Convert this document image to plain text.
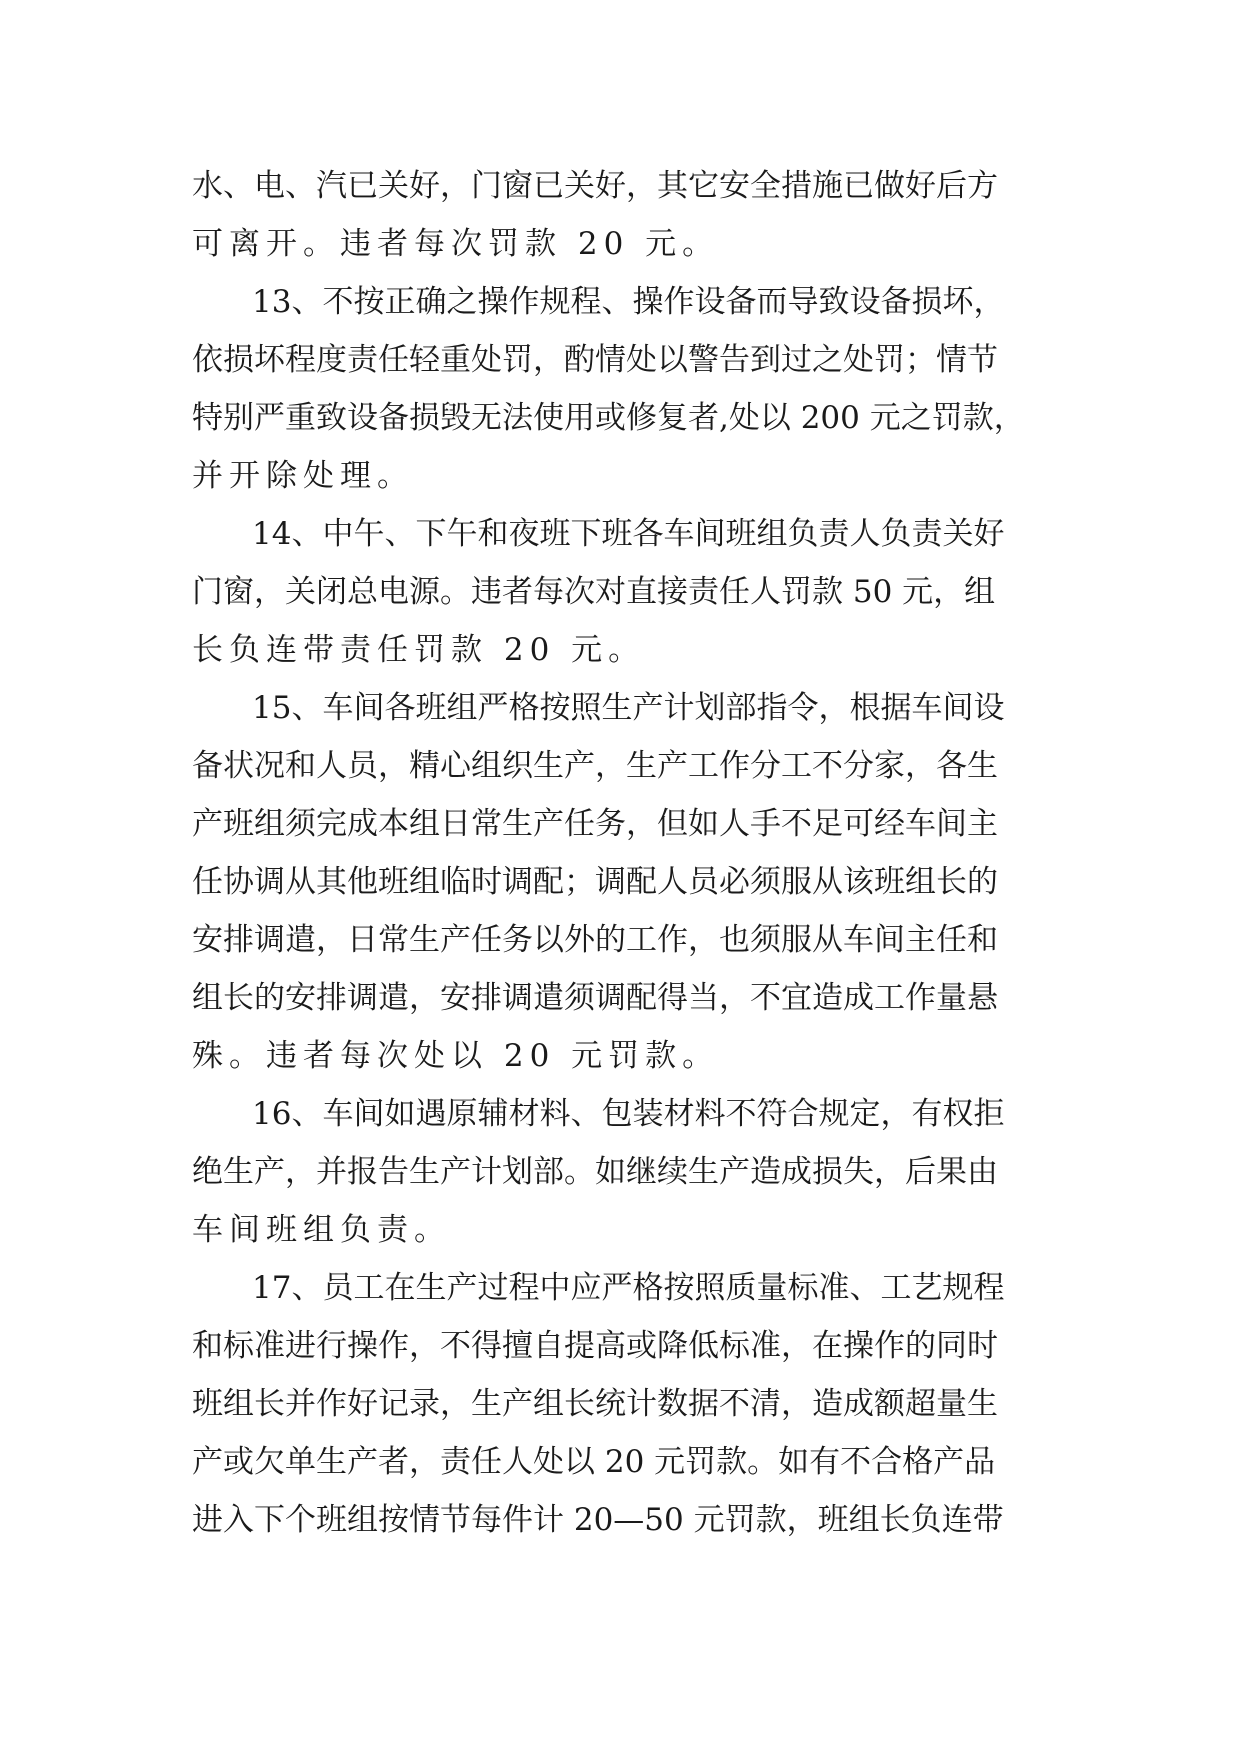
水、电、汽已关好，门窗已关好，其它安全措施已做好后方
可离开。违者每次罚款 20 元。
13、不按正确之操作规程、操作设备而导致设备损坏，
依损坏程度责任轻重处罚，酌情处以警告到过之处罚；情节
特别严重致设备损毁无法使用或修复者,处以 200 元之罚款，
并开除处理。
14、中午、下午和夜班下班各车间班组负责人负责关好
门窗，关闭总电源。违者每次对直接责任人罚款 50 元，组
长负连带责任罚款 20 元。
15、车间各班组严格按照生产计划部指令，根据车间设
备状况和人员，精心组织生产，生产工作分工不分家，各生
产班组须完成本组日常生产任务，但如人手不足可经车间主
任协调从其他班组临时调配；调配人员必须服从该班组长的
安排调遣，日常生产任务以外的工作，也须服从车间主任和
组长的安排调遣，安排调遣须调配得当，不宜造成工作量悬
殊。违者每次处以 20 元罚款。
16、车间如遇原辅材料、包装材料不符合规定，有权拒
绝生产，并报告生产计划部。如继续生产造成损失，后果由
车间班组负责。
17、员工在生产过程中应严格按照质量标准、工艺规程
和标准进行操作，不得擅自提高或降低标准，在操作的同时
班组长并作好记录，生产组长统计数据不清，造成额超量生
产或欠单生产者，责任人处以 20 元罚款。如有不合格产品
进入下个班组按情节每件计 20—50 元罚款，班组长负连带
